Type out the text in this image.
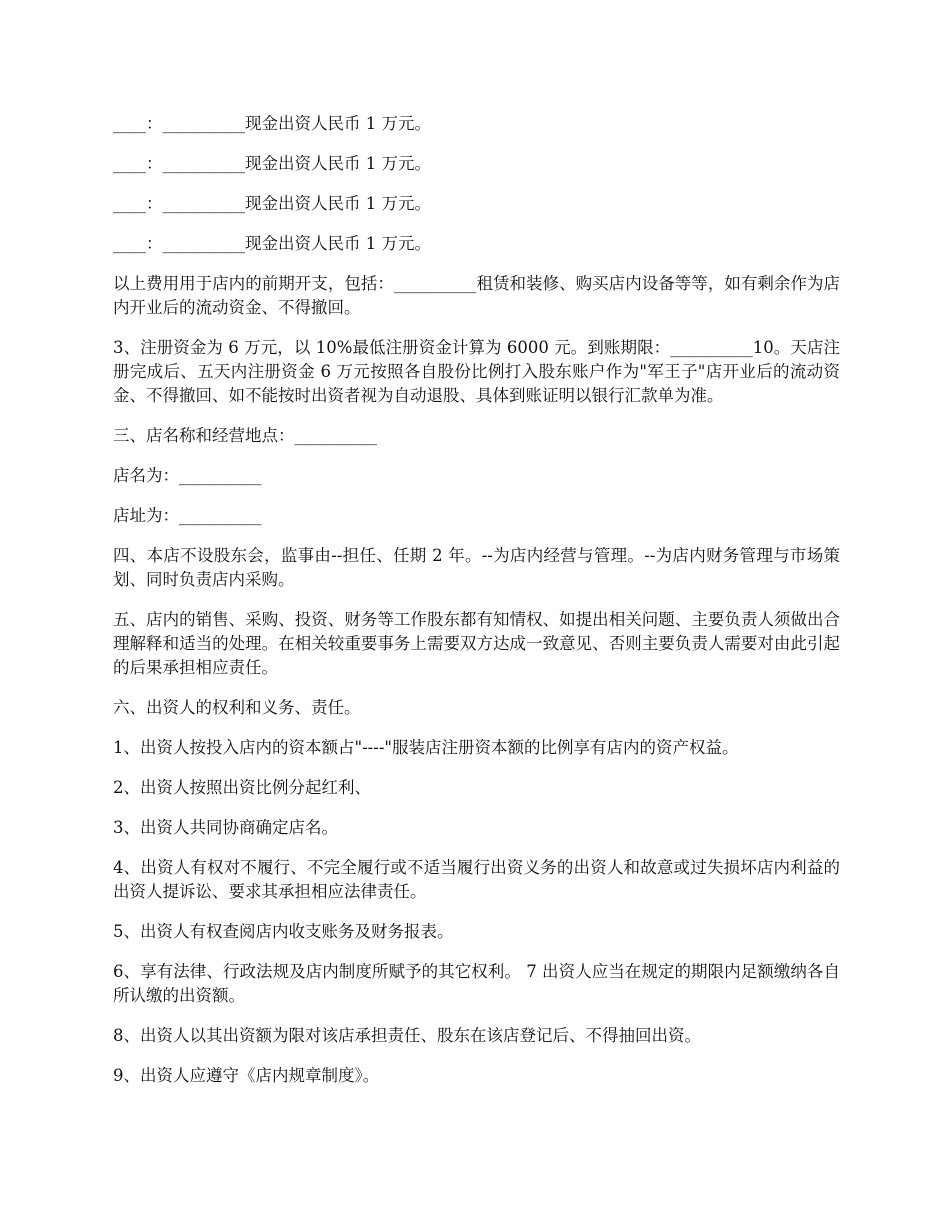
____：__________现金出资人民币 1 万元。

____：__________现金出资人民币 1 万元。

____：__________现金出资人民币 1 万元。

____：__________现金出资人民币 1 万元。

以上费用用于店内的前期开支，包括：__________租赁和装修、购买店内设备等等，如有剩余作为店内开业后的流动资金、不得撤回。

3、注册资金为 6 万元，以 10%最低注册资金计算为 6000 元。到账期限：__________10。天店注册完成后、五天内注册资金 6 万元按照各自股份比例打入股东账户作为"军王子"店开业后的流动资金、不得撤回、如不能按时出资者视为自动退股、具体到账证明以银行汇款单为准。

三、店名称和经营地点：__________

店名为：__________

店址为：__________

四、本店不设股东会，监事由--担任、任期 2 年。--为店内经营与管理。--为店内财务管理与市场策划、同时负责店内采购。

五、店内的销售、采购、投资、财务等工作股东都有知情权、如提出相关问题、主要负责人须做出合理解释和适当的处理。在相关较重要事务上需要双方达成一致意见、否则主要负责人需要对由此引起的后果承担相应责任。

六、出资人的权利和义务、责任。

1、出资人按投入店内的资本额占"----"服装店注册资本额的比例享有店内的资产权益。

2、出资人按照出资比例分起红利、

3、出资人共同协商确定店名。

4、出资人有权对不履行、不完全履行或不适当履行出资义务的出资人和故意或过失损坏店内利益的出资人提诉讼、要求其承担相应法律责任。

5、出资人有权查阅店内收支账务及财务报表。

6、享有法律、行政法规及店内制度所赋予的其它权利。 7 出资人应当在规定的期限内足额缴纳各自所认缴的出资额。

8、出资人以其出资额为限对该店承担责任、股东在该店登记后、不得抽回出资。

9、出资人应遵守《店内规章制度》。
